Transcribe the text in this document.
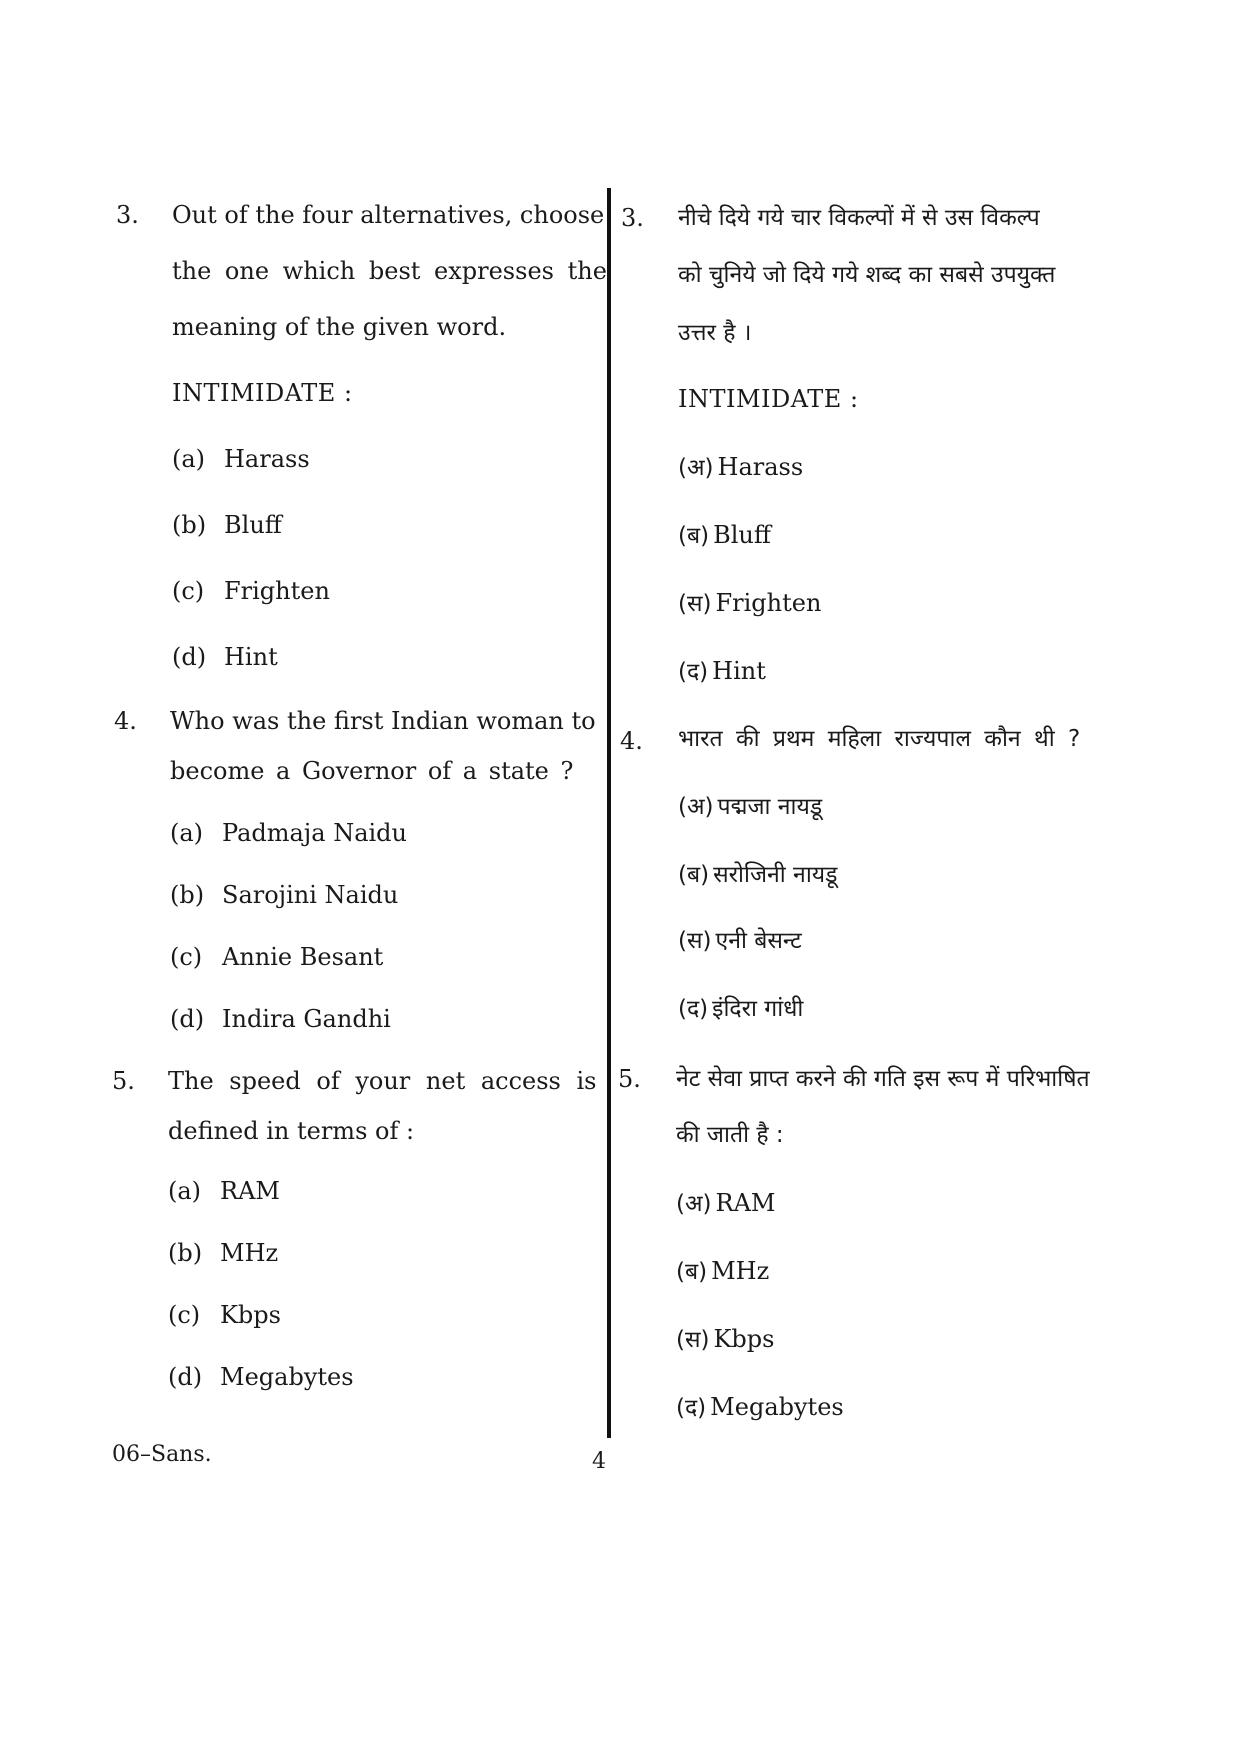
3. Out of the four alternatives, choose
the one which best expresses the
meaning of the given word.
INTIMIDATE :
(a) Harass
(b) Bluff
(c) Frighten
(d) Hint
4. Who was the first Indian woman to
become a Governor of a state ?
(a) Padmaja Naidu
(b) Sarojini Naidu
(c) Annie Besant
(d) Indira Gandhi
5. The speed of your net access is
defined in terms of :
(a) RAM
(b) MHz
(c) Kbps
(d) Megabytes
3. नीचे दिये गये चार विकल्पों में से उस विकल्प
को चुनिये जो दिये गये शब्द का सबसे उपयुक्त
उत्तर है ।
INTIMIDATE :
(अ) Harass
(ब) Bluff
(स) Frighten
(द) Hint
4. भारत की प्रथम महिला राज्यपाल कौन थी ?
(अ) पद्मजा नायडू
(ब) सरोजिनी नायडू
(स) एनी बेसन्ट
(द) इंदिरा गांधी
5. नेट सेवा प्राप्त करने की गति इस रूप में परिभाषित
की जाती है :
(अ) RAM
(ब) MHz
(स) Kbps
(द) Megabytes
06–Sans.	4
